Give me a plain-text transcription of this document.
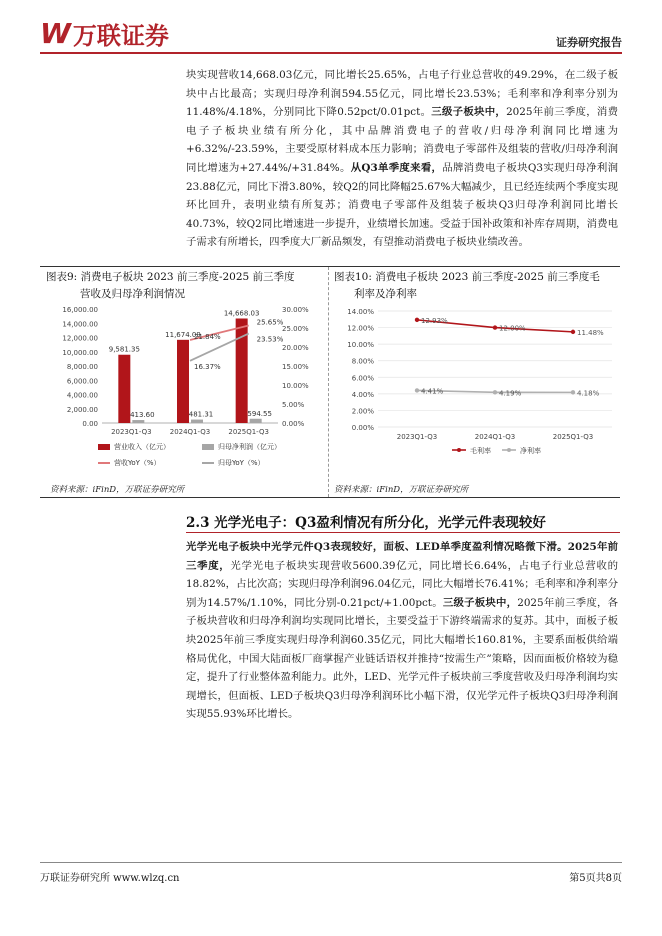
W 万联证券	证券研究报告
块实现营收14,668.03亿元，同比增长25.65%，占电子行业总营收的49.29%，在二级子板块中占比最高；实现归母净利润594.55亿元，同比增长23.53%；毛利率和净利率分别为11.48%/4.18%，分别同比下降0.52pct/0.01pct。三级子板块中，2025年前三季度，消费电子子板块业绩有所分化，其中品牌消费电子的营收/归母净利润同比增速为+6.32%/-23.59%，主要受原材料成本压力影响；消费电子零部件及组装的营收/归母净利润同比增速为+27.44%/+31.84%。从Q3单季度来看，品牌消费电子板块Q3实现归母净利润23.88亿元，同比下滑3.80%，较Q2的同比降幅25.67%大幅减少，且已经连续两个季度实现环比回升，表明业绩有所复苏；消费电子零部件及组装子板块Q3归母净利润同比增长40.73%，较Q2同比增速进一步提升，业绩增长加速。受益于国补政策和补库存周期，消费电子需求有所增长，四季度大厂新品频发，有望推动消费电子板块业绩改善。
图表9: 消费电子板块 2023 前三季度-2025 前三季度
营收及归母净利润情况
0.00
2,000.00
4,000.00
6,000.00
8,000.00
10,000.00
12,000.00
14,000.00
16,000.00
0.00%
5.00%
10.00%
15.00%
20.00%
25.00%
30.00%
9,581.35
413.60
2023Q1-Q3
11,674.09
481.31
2024Q1-Q3
14,668.03
594.55
2025Q1-Q3
21.84%
25.65%
16.37%
23.53%
营业收入（亿元）	归母净利润（亿元）
营收YoY（%）	归母YoY（%）
资料来源：iFinD，万联证券研究所
图表10: 消费电子板块 2023 前三季度-2025 前三季度毛
利率及净利率
0.00%
2.00%
4.00%
6.00%
8.00%
10.00%
12.00%
14.00%
2023Q1-Q3	2024Q1-Q3	2025Q1-Q3
12.93%
12.00%
11.48%
4.41%	4.19%	4.18%
毛利率	净利率
资料来源：iFinD，万联证券研究所
2.3 光学光电子：Q3盈利情况有所分化，光学元件表现较好
光学光电子板块中光学元件Q3表现较好，面板、LED单季度盈利情况略微下滑。2025年前三季度，光学光电子板块实现营收5600.39亿元，同比增长6.64%，占电子行业总营收的18.82%，占比次高；实现归母净利润96.04亿元，同比大幅增长76.41%；毛利率和净利率分别为14.57%/1.10%，同比分别-0.21pct/+1.00pct。三级子板块中，2025年前三季度，各子板块营收和归母净利润均实现同比增长，主要受益于下游终端需求的复苏。其中，面板子板块2025年前三季度实现归母净利润60.35亿元，同比大幅增长160.81%，主要系面板供给端格局优化，中国大陆面板厂商掌握产业链话语权并推持“按需生产”策略，因而面板价格较为稳定，提升了行业整体盈利能力。此外，LED、光学元件子板块前三季度营收及归母净利润均实现增长，但面板、LED子板块Q3归母净利润环比小幅下滑，仅光学元件子板块Q3归母净利润实现55.93%环比增长。
万联证券研究所 www.wlzq.cn	第5页共8页
